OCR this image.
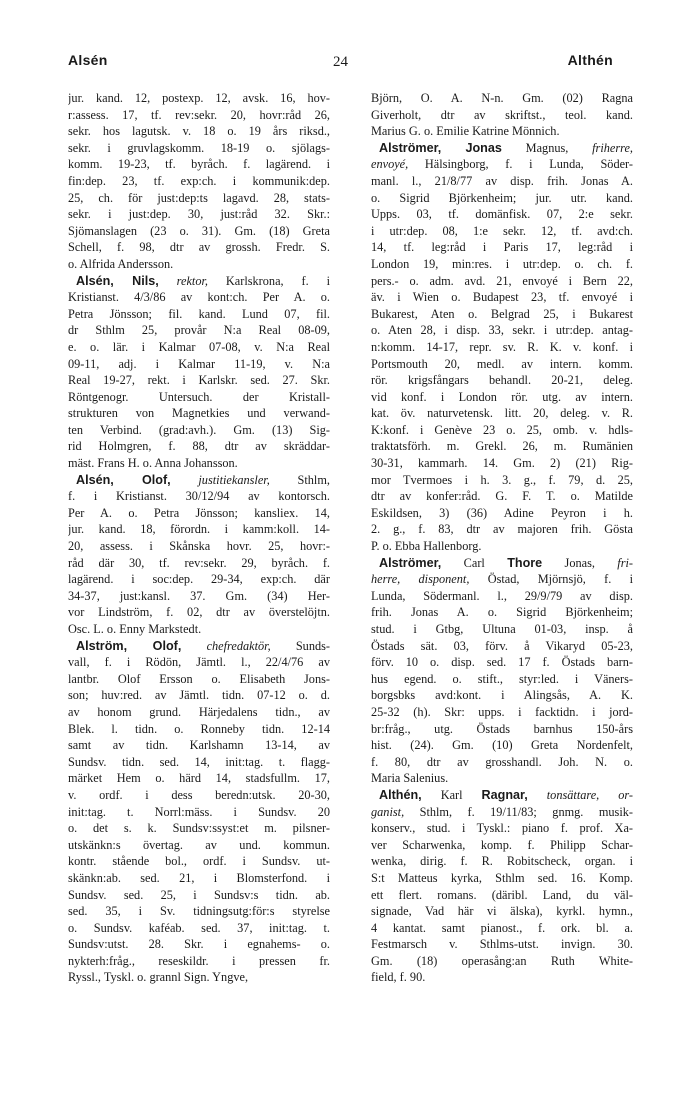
Alsén	24	Althén
jur. kand. 12, postexp. 12, avsk. 16, hov-
r:assess. 17, tf. rev:sekr. 20, hovr:råd 26,
sekr. hos lagutsk. v. 18 o. 19 års riksd.,
sekr. i gruvlagskomm. 18-19 o. sjölags-
komm. 19-23, tf. byråch. f. lagärend. i
fin:dep. 23, tf. exp:ch. i kommunik:dep.
25, ch. för just:dep:ts lagavd. 28, stats-
sekr. i just:dep. 30, just:råd 32. Skr.:
Sjömanslagen (23 o. 31). Gm. (18) Greta
Schell, f. 98, dtr av grossh. Fredr. S.
o. Alfrida Andersson.
Alsén, Nils, rektor, Karlskrona, f. i
Kristianst. 4/3/86 av kont:ch. Per A. o.
Petra Jönsson; fil. kand. Lund 07, fil.
dr Sthlm 25, provår N:a Real 08-09,
e. o. lär. i Kalmar 07-08, v. N:a Real
09-11, adj. i Kalmar 11-19, v. N:a
Real 19-27, rekt. i Karlskr. sed. 27. Skr.
Röntgenogr. Untersuch. der Kristall-
strukturen von Magnetkies und verwand-
ten Verbind. (grad:avh.). Gm. (13) Sig-
rid Holmgren, f. 88, dtr av skräddar-
mäst. Frans H. o. Anna Johansson.
Alsén, Olof, justitiekansler, Sthlm,
f. i Kristianst. 30/12/94 av kontorsch.
Per A. o. Petra Jönsson; kansliex. 14,
jur. kand. 18, förordn. i kamm:koll. 14-
20, assess. i Skånska hovr. 25, hovr:-
råd där 30, tf. rev:sekr. 29, byråch. f.
lagärend. i soc:dep. 29-34, exp:ch. där
34-37, just:kansl. 37. Gm. (34) Her-
vor Lindström, f. 02, dtr av överstelöjtn.
Osc. L. o. Enny Markstedt.
Alström, Olof, chefredaktör, Sunds-
vall, f. i Rödön, Jämtl. l., 22/4/76 av
lantbr. Olof Ersson o. Elisabeth Jons-
son; huv:red. av Jämtl. tidn. 07-12 o. d.
av honom grund. Härjedalens tidn., av
Blek. l. tidn. o. Ronneby tidn. 12-14
samt av tidn. Karlshamn 13-14, av
Sundsv. tidn. sed. 14, init:tag. t. flagg-
märket Hem o. härd 14, stadsfullm. 17,
v. ordf. i dess beredn:utsk. 20-30,
init:tag. t. Norrl:mäss. i Sundsv. 20
o. det s. k. Sundsv:ssyst:et m. pilsner-
utskänkn:s övertag. av und. kommun.
kontr. stående bol., ordf. i Sundsv. ut-
skänkn:ab. sed. 21, i Blomsterfond. i
Sundsv. sed. 25, i Sundsv:s tidn. ab.
sed. 35, i Sv. tidningsutg:för:s styrelse
o. Sundsv. kaféab. sed. 37, init:tag. t.
Sundsv:utst. 28. Skr. i egnahems- o.
nykterh:fråg., reseskildr. i pressen fr.
Ryssl., Tyskl. o. grannl Sign. Yngve,
Björn, O. A. N-n. Gm. (02) Ragna
Giverholt, dtr av skriftst., teol. kand.
Marius G. o. Emilie Katrine Mönnich.
Alströmer, Jonas Magnus, friherre,
envoyé, Hälsingborg, f. i Lunda, Söder-
manl. l., 21/8/77 av disp. frih. Jonas A.
o. Sigrid Björkenheim; jur. utr. kand.
Upps. 03, tf. domänfisk. 07, 2:e sekr.
i utr:dep. 08, 1:e sekr. 12, tf. avd:ch.
14, tf. leg:råd i Paris 17, leg:råd i
London 19, min:res. i utr:dep. o. ch. f.
pers.- o. adm. avd. 21, envoyé i Bern 22,
äv. i Wien o. Budapest 23, tf. envoyé i
Bukarest, Aten o. Belgrad 25, i Bukarest
o. Aten 28, i disp. 33, sekr. i utr:dep. antag-
n:komm. 14-17, repr. sv. R. K. v. konf. i
Portsmouth 20, medl. av intern. komm.
rör. krigsfångars behandl. 20-21, deleg.
vid konf. i London rör. utg. av intern.
kat. öv. naturvetensk. litt. 20, deleg. v. R.
K:konf. i Genève 23 o. 25, omb. v. hdls-
traktatsförh. m. Grekl. 26, m. Rumänien
30-31, kammarh. 14. Gm. 2) (21) Rig-
mor Tvermoes i h. 3. g., f. 79, d. 25,
dtr av konfer:råd. G. F. T. o. Matilde
Eskildsen, 3) (36) Adine Peyron i h.
2. g., f. 83, dtr av majoren frih. Gösta
P. o. Ebba Hallenborg.
Alströmer, Carl Thore Jonas, fri-
herre, disponent, Östad, Mjörnsjö, f. i
Lunda, Södermanl. l., 29/9/79 av disp.
frih. Jonas A. o. Sigrid Björkenheim;
stud. i Gtbg, Ultuna 01-03, insp. å
Östads sät. 03, förv. å Vikaryd 05-23,
förv. 10 o. disp. sed. 17 f. Östads barn-
hus egend. o. stift., styr:led. i Väners-
borgsbks avd:kont. i Alingsås, A. K.
25-32 (h). Skr: upps. i facktidn. i jord-
br:fråg., utg. Östads barnhus 150-års
hist. (24). Gm. (10) Greta Nordenfelt,
f. 80, dtr av grosshandl. Joh. N. o.
Maria Salenius.
Althén, Karl Ragnar, tonsättare, or-
ganist, Sthlm, f. 19/11/83; gnmg. musik-
konserv., stud. i Tyskl.: piano f. prof. Xa-
ver Scharwenka, komp. f. Philipp Schar-
wenka, dirig. f. R. Robitscheck, organ. i
S:t Matteus kyrka, Sthlm sed. 16. Komp.
ett flert. romans. (däribl. Land, du väl-
signade, Vad här vi älska), kyrkl. hymn.,
4 kantat. samt pianost., f. ork. bl. a.
Festmarsch v. Sthlms-utst. invign. 30.
Gm. (18) operasång:an Ruth White-
field, f. 90.
